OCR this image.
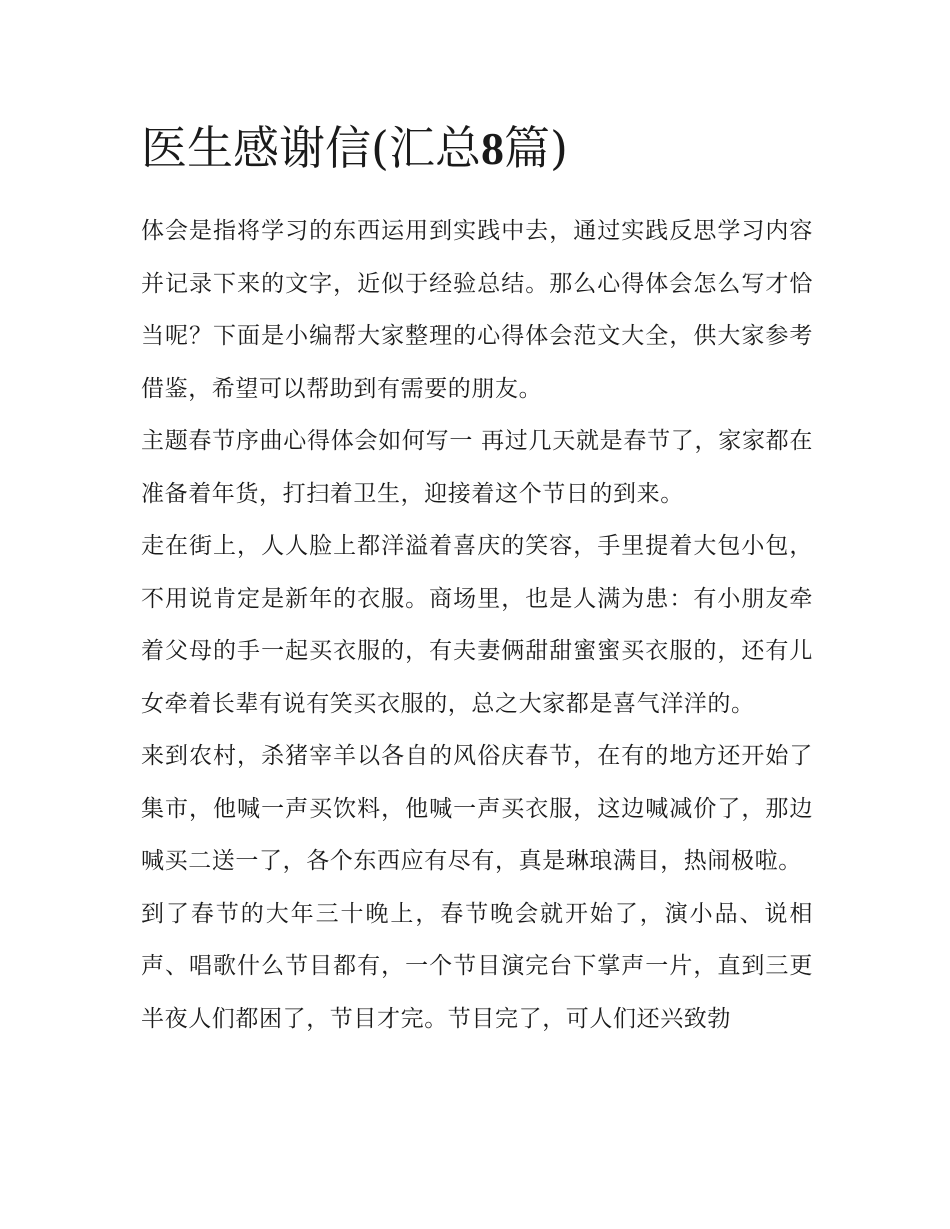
医生感谢信(汇总8篇)

体会是指将学习的东西运用到实践中去，通过实践反思学习内容并记录下来的文字，近似于经验总结。那么心得体会怎么写才恰当呢？下面是小编帮大家整理的心得体会范文大全，供大家参考借鉴，希望可以帮助到有需要的朋友。

主题春节序曲心得体会如何写一 再过几天就是春节了，家家都在准备着年货，打扫着卫生，迎接着这个节日的到来。

走在街上，人人脸上都洋溢着喜庆的笑容，手里提着大包小包，不用说肯定是新年的衣服。商场里，也是人满为患：有小朋友牵着父母的手一起买衣服的，有夫妻俩甜甜蜜蜜买衣服的，还有儿女牵着长辈有说有笑买衣服的，总之大家都是喜气洋洋的。

来到农村，杀猪宰羊以各自的风俗庆春节，在有的地方还开始了集市，他喊一声买饮料，他喊一声买衣服，这边喊减价了，那边喊买二送一了，各个东西应有尽有，真是琳琅满目，热闹极啦。

到了春节的大年三十晚上，春节晚会就开始了，演小品、说相声、唱歌什么节目都有，一个节目演完台下掌声一片，直到三更半夜人们都困了，节目才完。节目完了，可人们还兴致勃
